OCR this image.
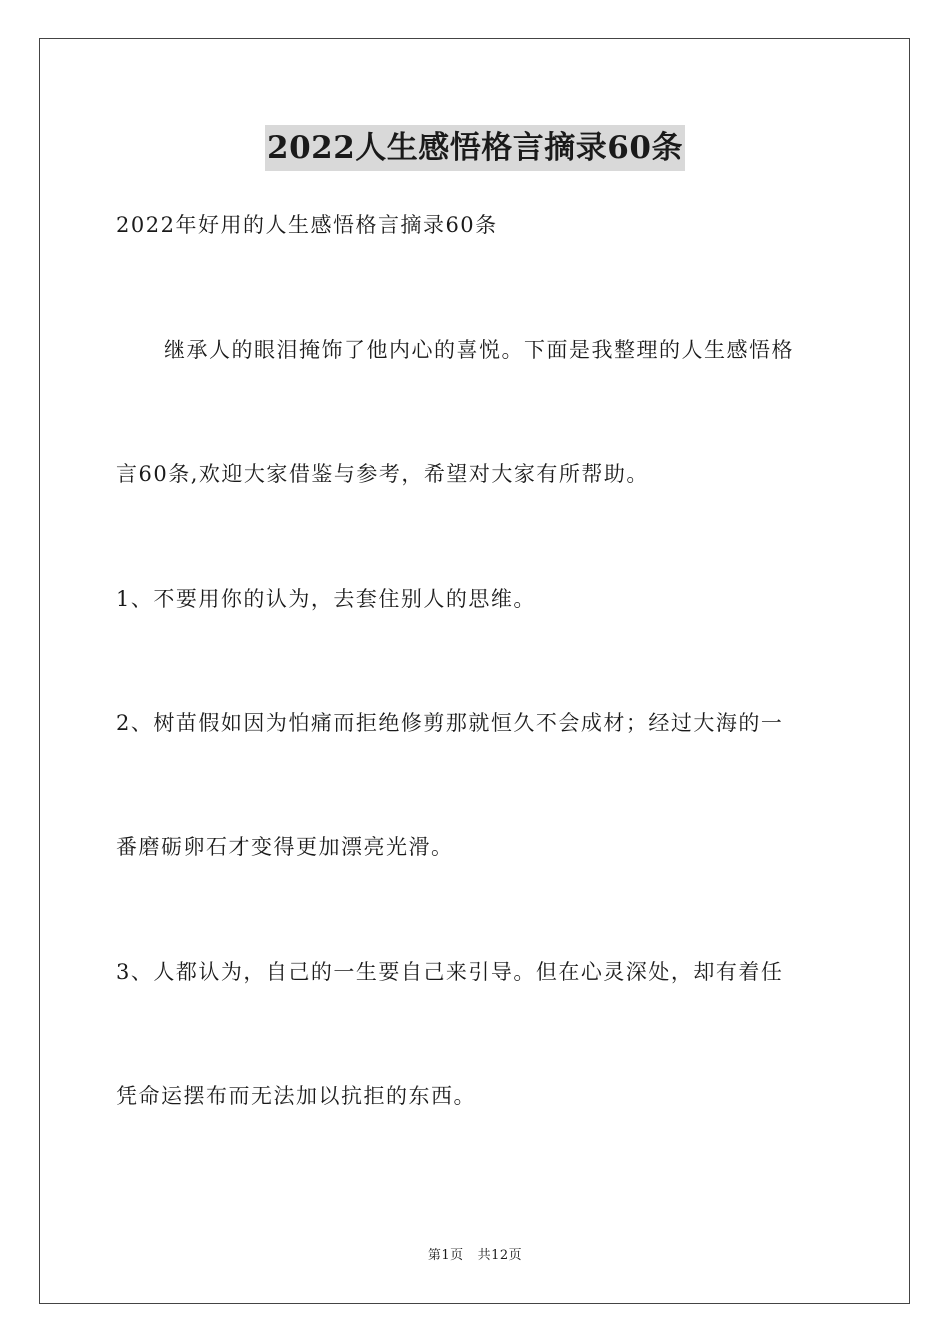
2022人生感悟格言摘录60条
2022年好用的人生感悟格言摘录60条
继承人的眼泪掩饰了他内心的喜悦。下面是我整理的人生感悟格
言60条,欢迎大家借鉴与参考，希望对大家有所帮助。
1、不要用你的认为，去套住别人的思维。
2、树苗假如因为怕痛而拒绝修剪那就恒久不会成材；经过大海的一
番磨砺卵石才变得更加漂亮光滑。
3、人都认为，自己的一生要自己来引导。但在心灵深处，却有着任
凭命运摆布而无法加以抗拒的东西。
第1页 共12页
